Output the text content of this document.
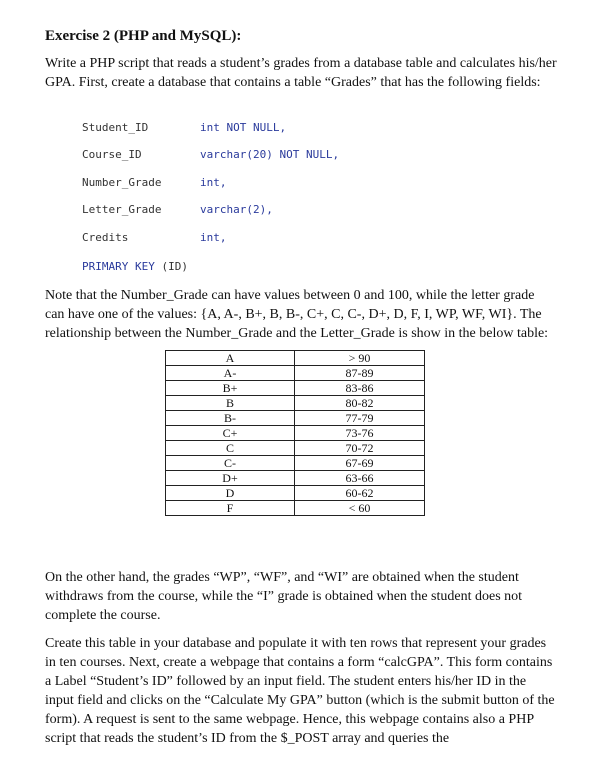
Exercise 2 (PHP and MySQL):

Write a PHP script that reads a student’s grades from a database table and calculates his/her GPA. First, create a database that contains a table “Grades” that has the following fields:

Student_ID	int NOT NULL,
Course_ID	varchar(20) NOT NULL,
Number_Grade	int,
Letter_Grade	varchar(2),
Credits	int,
PRIMARY KEY (ID)

Note that the Number_Grade can have values between 0 and 100, while the letter grade can have one of the values: {A, A-, B+, B, B-, C+, C, C-, D+, D, F, I, WP, WF, WI}. The relationship between the Number_Grade and the Letter_Grade is show in the below table:

A	> 90
A-	87-89
B+	83-86
B	80-82
B-	77-79
C+	73-76
C	70-72
C-	67-69
D+	63-66
D	60-62
F	< 60

On the other hand, the grades “WP”, “WF”, and “WI” are obtained when the student withdraws from the course, while the “I” grade is obtained when the student does not complete the course.

Create this table in your database and populate it with ten rows that represent your grades in ten courses. Next, create a webpage that contains a form “calcGPA”. This form contains a Label “Student’s ID” followed by an input field. The student enters his/her ID in the input field and clicks on the “Calculate My GPA” button (which is the submit button of the form). A request is sent to the same webpage. Hence, this webpage contains also a PHP script that reads the student’s ID from the $_POST array and queries the
